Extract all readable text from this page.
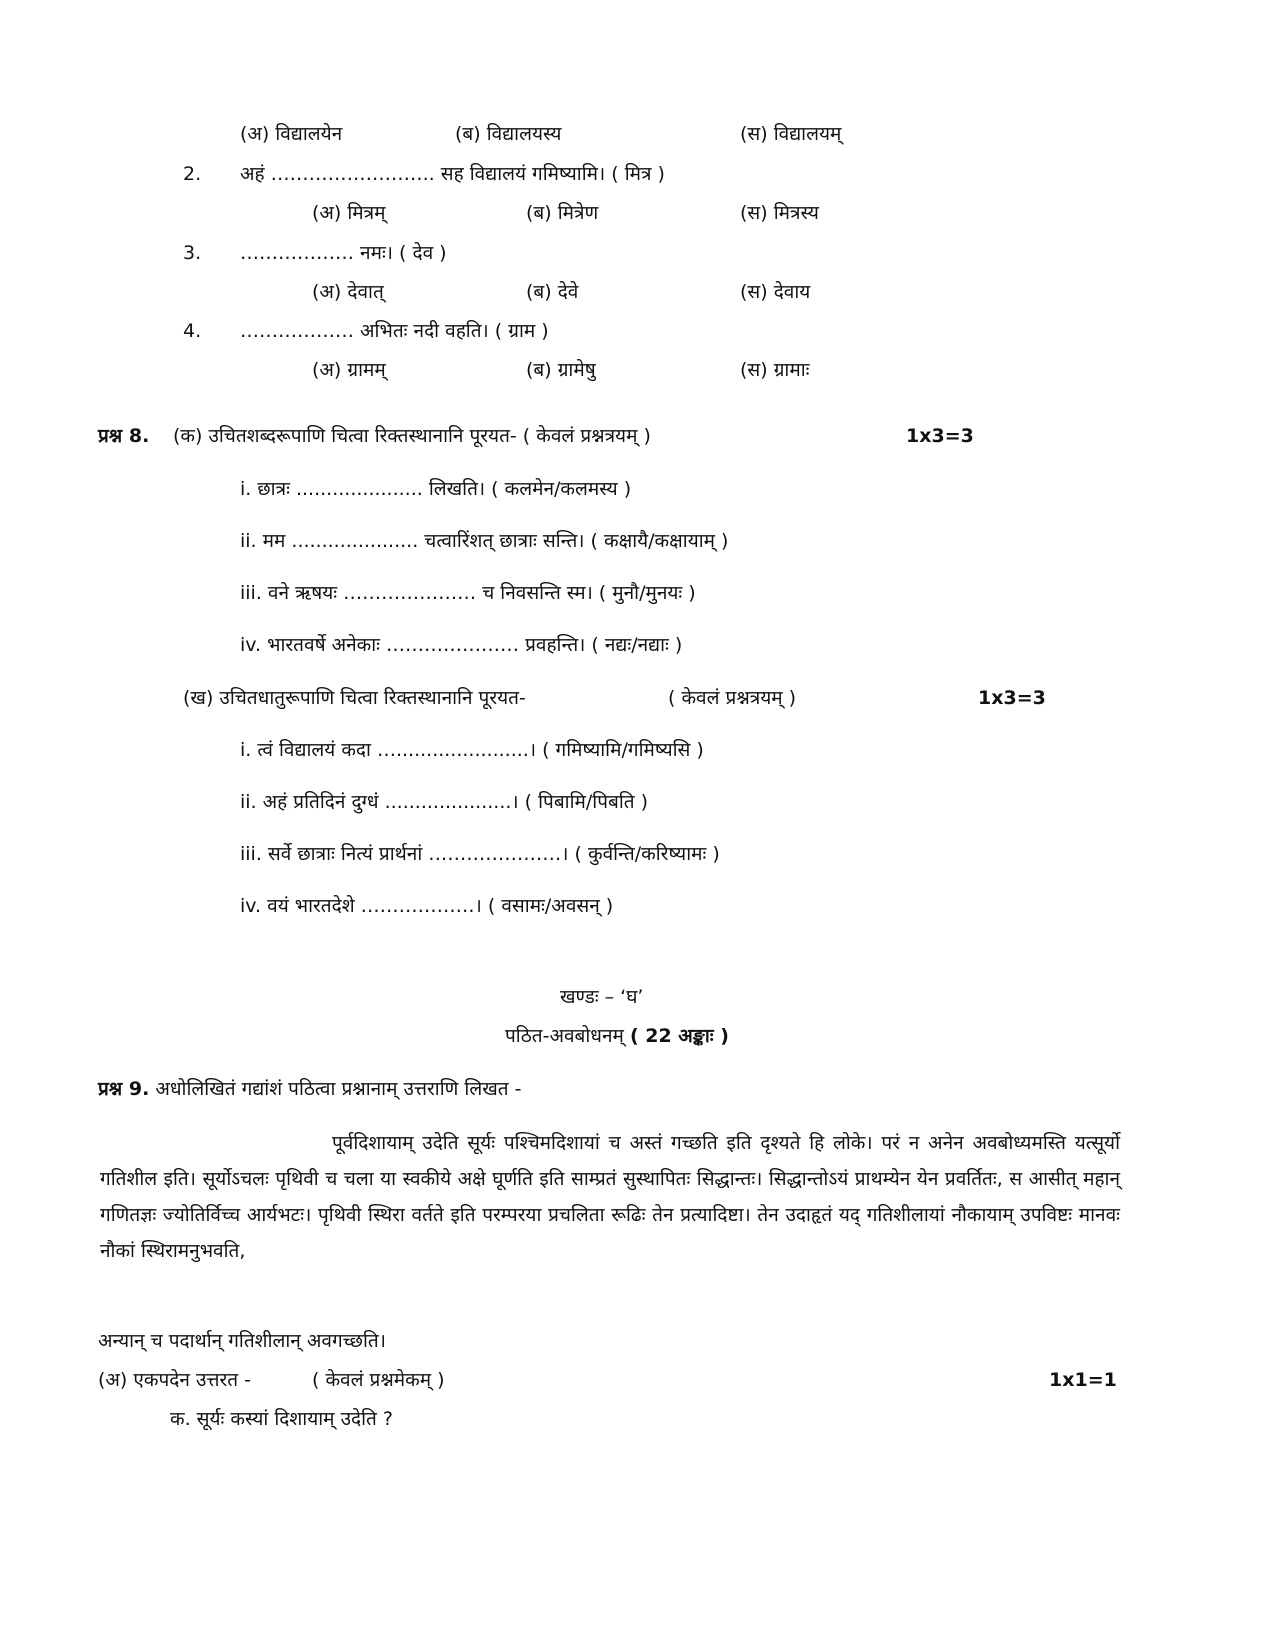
(अ) विद्यालयेन	(ब) विद्यालयस्य	(स) विद्यालयम्
2. अहं …………………….. सह विद्यालयं गमिष्यामि। ( मित्र )
(अ) मित्रम्	(ब) मित्रेण	(स) मित्रस्य
3. ……………… नमः। ( देव )
(अ) देवात्	(ब) देवे	(स) देवाय
4. ……………… अभितः नदी वहति। ( ग्राम )
(अ) ग्रामम्	(ब) ग्रामेषु	(स) ग्रामाः
प्रश्न 8. (क) उचितशब्दरूपाणि चित्वा रिक्तस्थानानि पूरयत- ( केवलं प्रश्नत्रयम् )	1x3=3
i. छात्रः ..................... लिखति। ( कलमेन/कलमस्य )
ii. मम ..................... चत्वारिंशत् छात्राः सन्ति। ( कक्षायै/कक्षायाम् )
iii. वने ऋषयः ………………… च निवसन्ति स्म। ( मुनौ/मुनयः )
iv. भारतवर्षे अनेकाः ………………… प्रवहन्ति। ( नद्यः/नद्याः )
(ख) उचितधातुरूपाणि चित्वा रिक्तस्थानानि पूरयत-	( केवलं प्रश्नत्रयम् )	1x3=3
i. त्वं विद्यालयं कदा …......................। ( गमिष्यामि/गमिष्यसि )
ii. अहं प्रतिदिनं दुग्धं .....................। ( पिबामि/पिबति )
iii. सर्वे छात्राः नित्यं प्रार्थनां …………………। ( कुर्वन्ति/करिष्यामः )
iv. वयं भारतदेशे ………………। ( वसामः/अवसन् )
खण्डः – ‘घ’
पठित-अवबोधनम् ( 22 अङ्काः )
प्रश्न 9. अधोलिखितं गद्यांशं पठित्वा प्रश्नानाम् उत्तराणि लिखत -
पूर्वदिशायाम् उदेति सूर्यः पश्चिमदिशायां च अस्तं गच्छति इति दृश्यते हि लोके। परं न अनेन अवबोध्यमस्ति यत्सूर्यो गतिशील इति। सूर्योऽचलः पृथिवी च चला या स्वकीये अक्षे घूर्णति इति साम्प्रतं सुस्थापितः सिद्धान्तः। सिद्धान्तोऽयं प्राथम्येन येन प्रवर्तितः, स आसीत् महान् गणितज्ञः ज्योतिर्विच्च आर्यभटः। पृथिवी स्थिरा वर्तते इति परम्परया प्रचलिता रूढिः तेन प्रत्यादिष्टा। तेन उदाहृतं यद् गतिशीलायां नौकायाम् उपविष्टः मानवः नौकां स्थिरामनुभवति,
अन्यान् च पदार्थान् गतिशीलान् अवगच्छति।
(अ) एकपदेन उत्तरत -	( केवलं प्रश्नमेकम् )	1x1=1
क. सूर्यः कस्यां दिशायाम् उदेति ?
